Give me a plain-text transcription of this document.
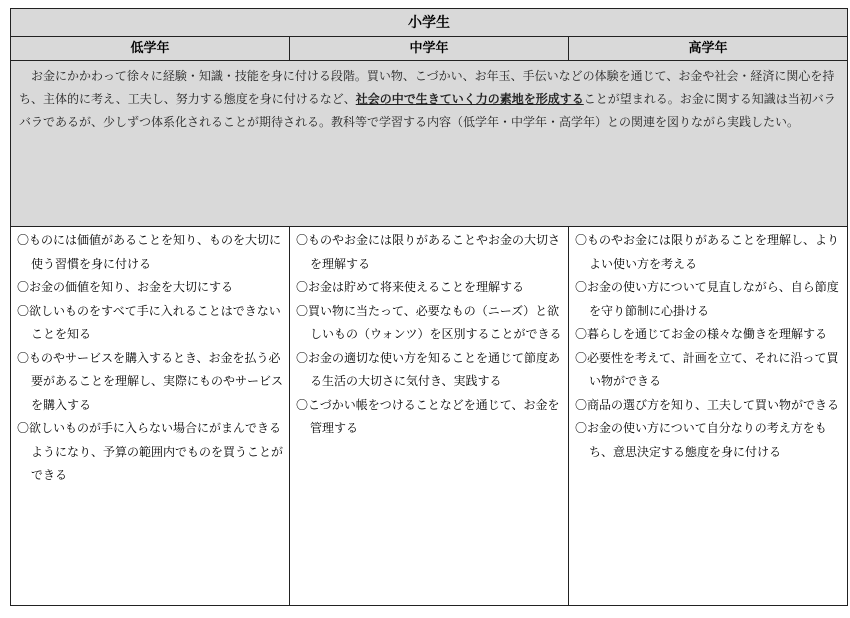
小学生
低学年	中学年	高学年
お金にかかわって徐々に経験・知識・技能を身に付ける段階。買い物、こづかい、お年玉、手伝いなどの体験を通じて、お金や社会・経済に関心を持ち、主体的に考え、工夫し、努力する態度を身に付けるなど、社会の中で生きていく力の素地を形成することが望まれる。お金に関する知識は当初バラバラであるが、少しずつ体系化されることが期待される。教科等で学習する内容（低学年・中学年・高学年）との関連を図りながら実践したい。

〇ものには価値があることを知り、ものを大切に使う習慣を身に付ける

〇お金の価値を知り、お金を大切にする

〇欲しいものをすべて手に入れることはできないことを知る

〇ものやサービスを購入するとき、お金を払う必要があることを理解し、実際にものやサービスを購入する

〇欲しいものが手に入らない場合にがまんできるようになり、予算の範囲内でものを買うことができる

〇ものやお金には限りがあることやお金の大切さを理解する

〇お金は貯めて将来使えることを理解する

〇買い物に当たって、必要なもの（ニーズ）と欲しいもの（ウォンツ）を区別することができる

〇お金の適切な使い方を知ることを通じて節度ある生活の大切さに気付き、実践する

〇こづかい帳をつけることなどを通じて、お金を管理する

〇ものやお金には限りがあることを理解し、よりよい使い方を考える

〇お金の使い方について見直しながら、自ら節度を守り節制に心掛ける

〇暮らしを通じてお金の様々な働きを理解する

〇必要性を考えて、計画を立て、それに沿って買い物ができる

〇商品の選び方を知り、工夫して買い物ができる

〇お金の使い方について自分なりの考え方をもち、意思決定する態度を身に付ける
